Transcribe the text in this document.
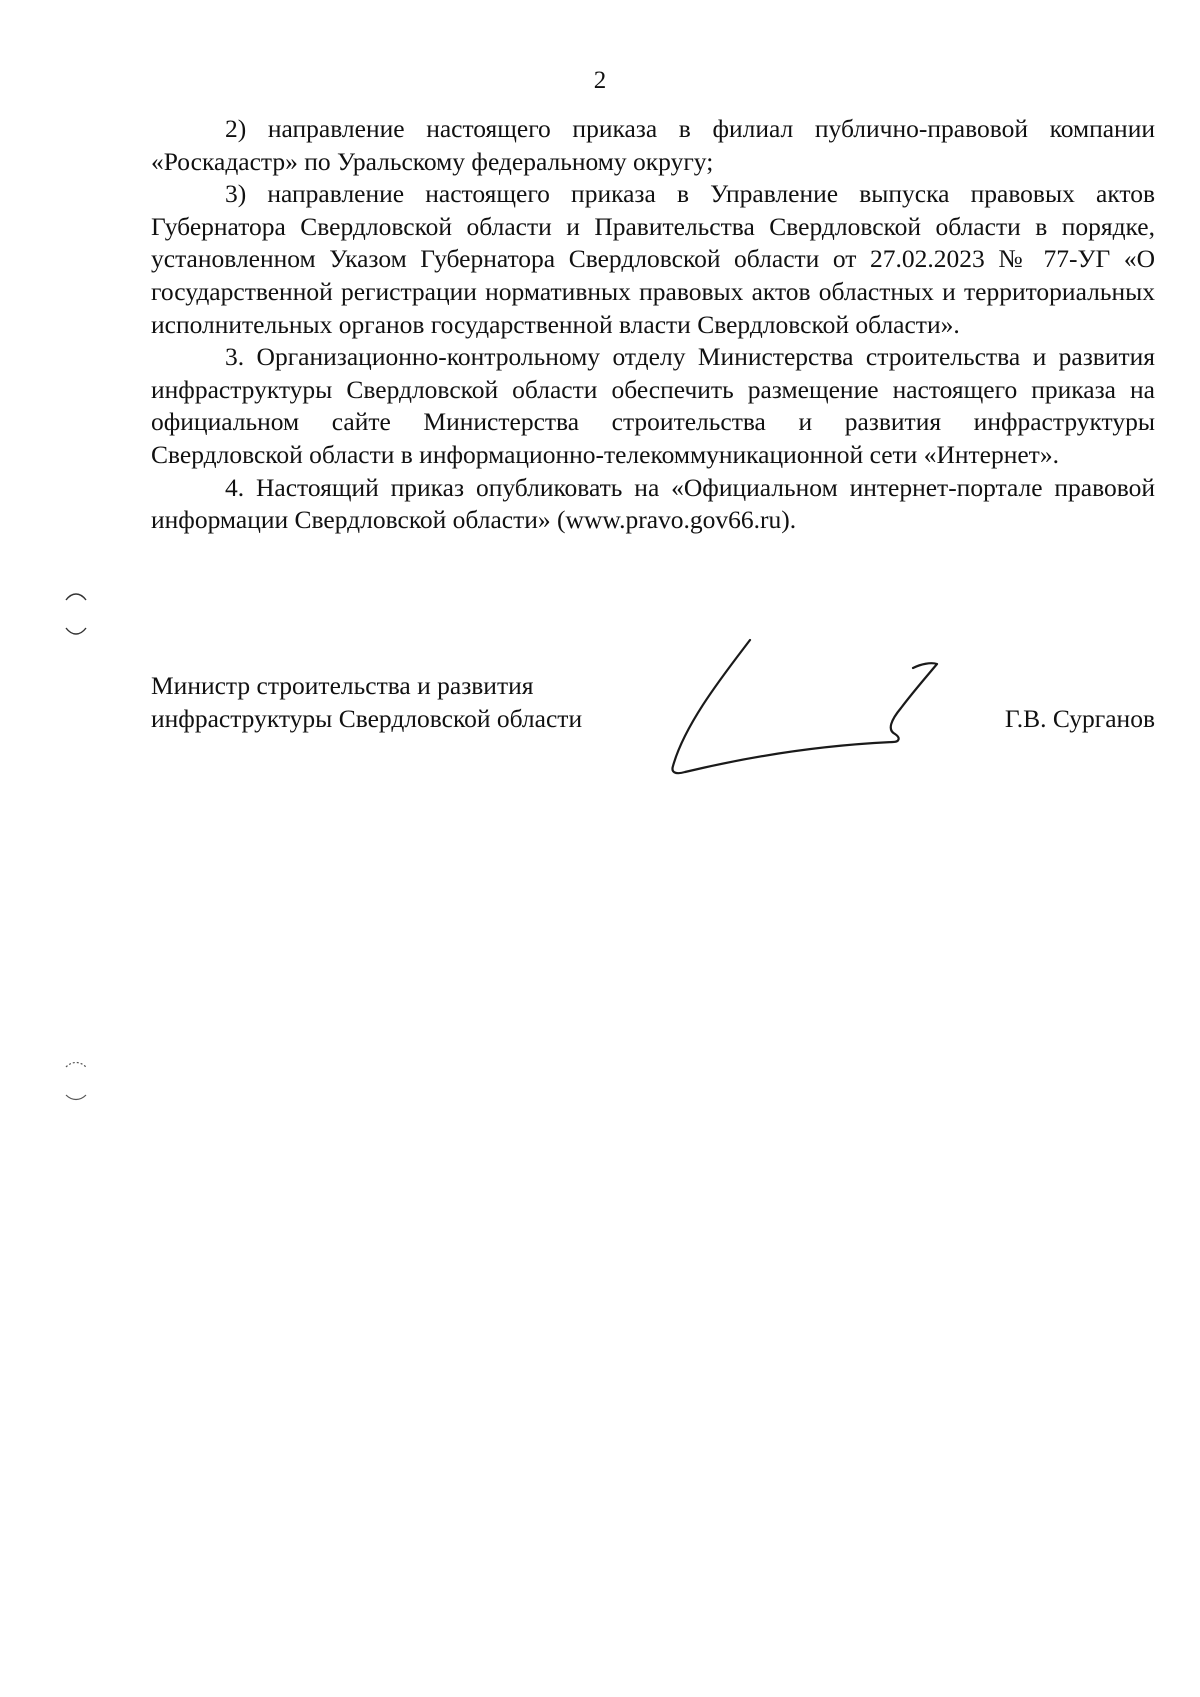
2

2) направление настоящего приказа в филиал публично-правовой компании «Роскадастр» по Уральскому федеральному округу;

3) направление настоящего приказа в Управление выпуска правовых актов Губернатора Свердловской области и Правительства Свердловской области в порядке, установленном Указом Губернатора Свердловской области от 27.02.2023 № 77-УГ «О государственной регистрации нормативных правовых актов областных и территориальных исполнительных органов государственной власти Свердловской области».

3. Организационно-контрольному отделу Министерства строительства и развития инфраструктуры Свердловской области обеспечить размещение настоящего приказа на официальном сайте Министерства строительства и развития инфраструктуры Свердловской области в информационно-телекоммуникационной сети «Интернет».

4. Настоящий приказ опубликовать на «Официальном интернет-портале правовой информации Свердловской области» (www.pravo.gov66.ru).

Министр строительства и развития
инфраструктуры Свердловской области	Г.В. Сурганов
